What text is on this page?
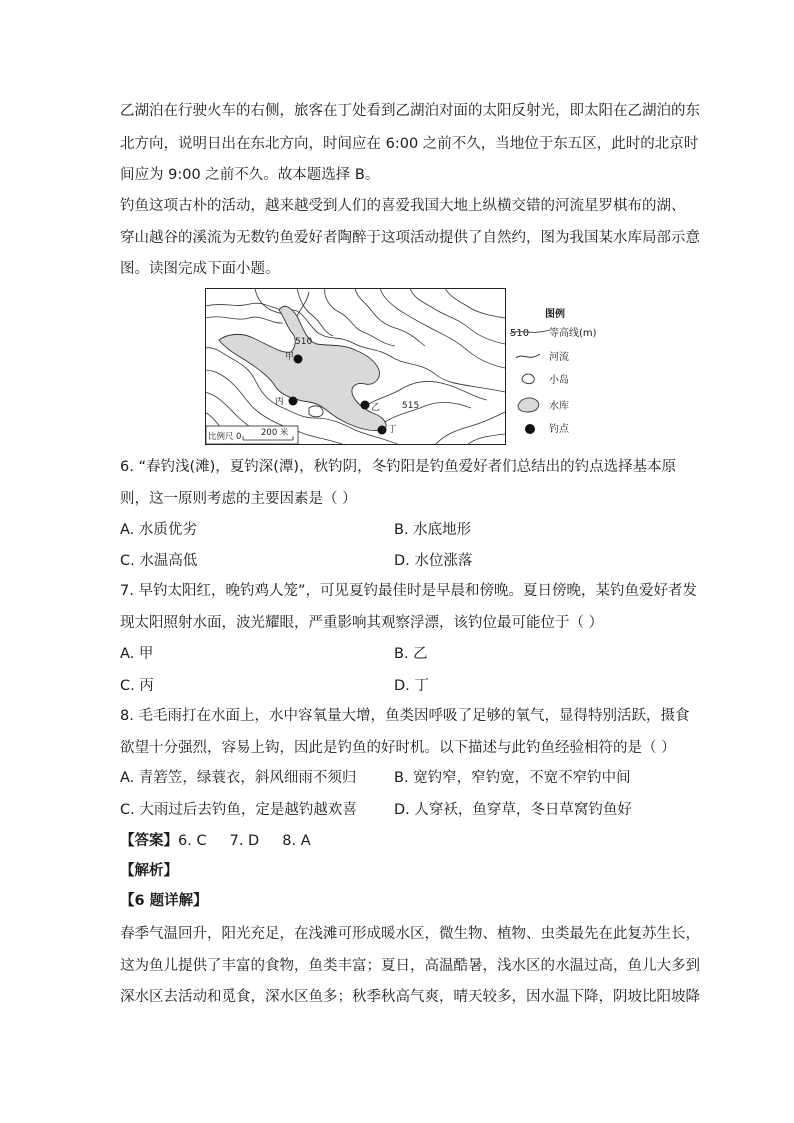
乙湖泊在行驶火车的右侧，旅客在丁处看到乙湖泊对面的太阳反射光，即太阳在乙湖泊的东
北方向，说明日出在东北方向，时间应在 6:00 之前不久，当地位于东五区，此时的北京时
间应为 9:00 之前不久。故本题选择 B。
钓鱼这项古朴的活动，越来越受到人们的喜爱我国大地上纵横交错的河流星罗棋布的湖、
穿山越谷的溪流为无数钓鱼爱好者陶醉于这项活动提供了自然约，图为我国某水库局部示意
图。读图完成下面小题。
510
515
甲
乙
丙
丁
比例尺 0 200 米
图例
510 等高线(m)
河流
小岛
水库
钓点
6. “春钓浅(滩)，夏钓深(潭)，秋钓阴，冬钓阳是钓鱼爱好者们总结出的钓点选择基本原
则，这一原则考虑的主要因素是（ ）
A. 水质优劣	B. 水底地形
C. 水温高低	D. 水位涨落
7. 早钓太阳红，晚钓鸡人笼”，可见夏钓最佳时是早晨和傍晚。夏日傍晚，某钓鱼爱好者发
现太阳照射水面，波光耀眼，严重影响其观察浮漂，该钓位最可能位于（ ）
A. 甲	B. 乙
C. 丙	D. 丁
8. 毛毛雨打在水面上，水中容氧量大增，鱼类因呼吸了足够的氧气，显得特别活跃，摄食
欲望十分强烈，容易上钩，因此是钓鱼的好时机。以下描述与此钓鱼经验相符的是（ ）
A. 青箬笠，绿蓑衣，斜风细雨不须归	B. 宽钓窄，窄钓宽，不宽不窄钓中间
C. 大雨过后去钓鱼，定是越钓越欢喜	D. 人穿袄，鱼穿草，冬日草窝钓鱼好
【答案】6. C     7. D     8. A
【解析】
【6 题详解】
春季气温回升，阳光充足，在浅滩可形成暖水区，微生物、植物、虫类最先在此复苏生长，
这为鱼儿提供了丰富的食物，鱼类丰富；夏日，高温酷暑，浅水区的水温过高，鱼儿大多到
深水区去活动和觅食，深水区鱼多；秋季秋高气爽，晴天较多，因水温下降，阴坡比阳坡降
